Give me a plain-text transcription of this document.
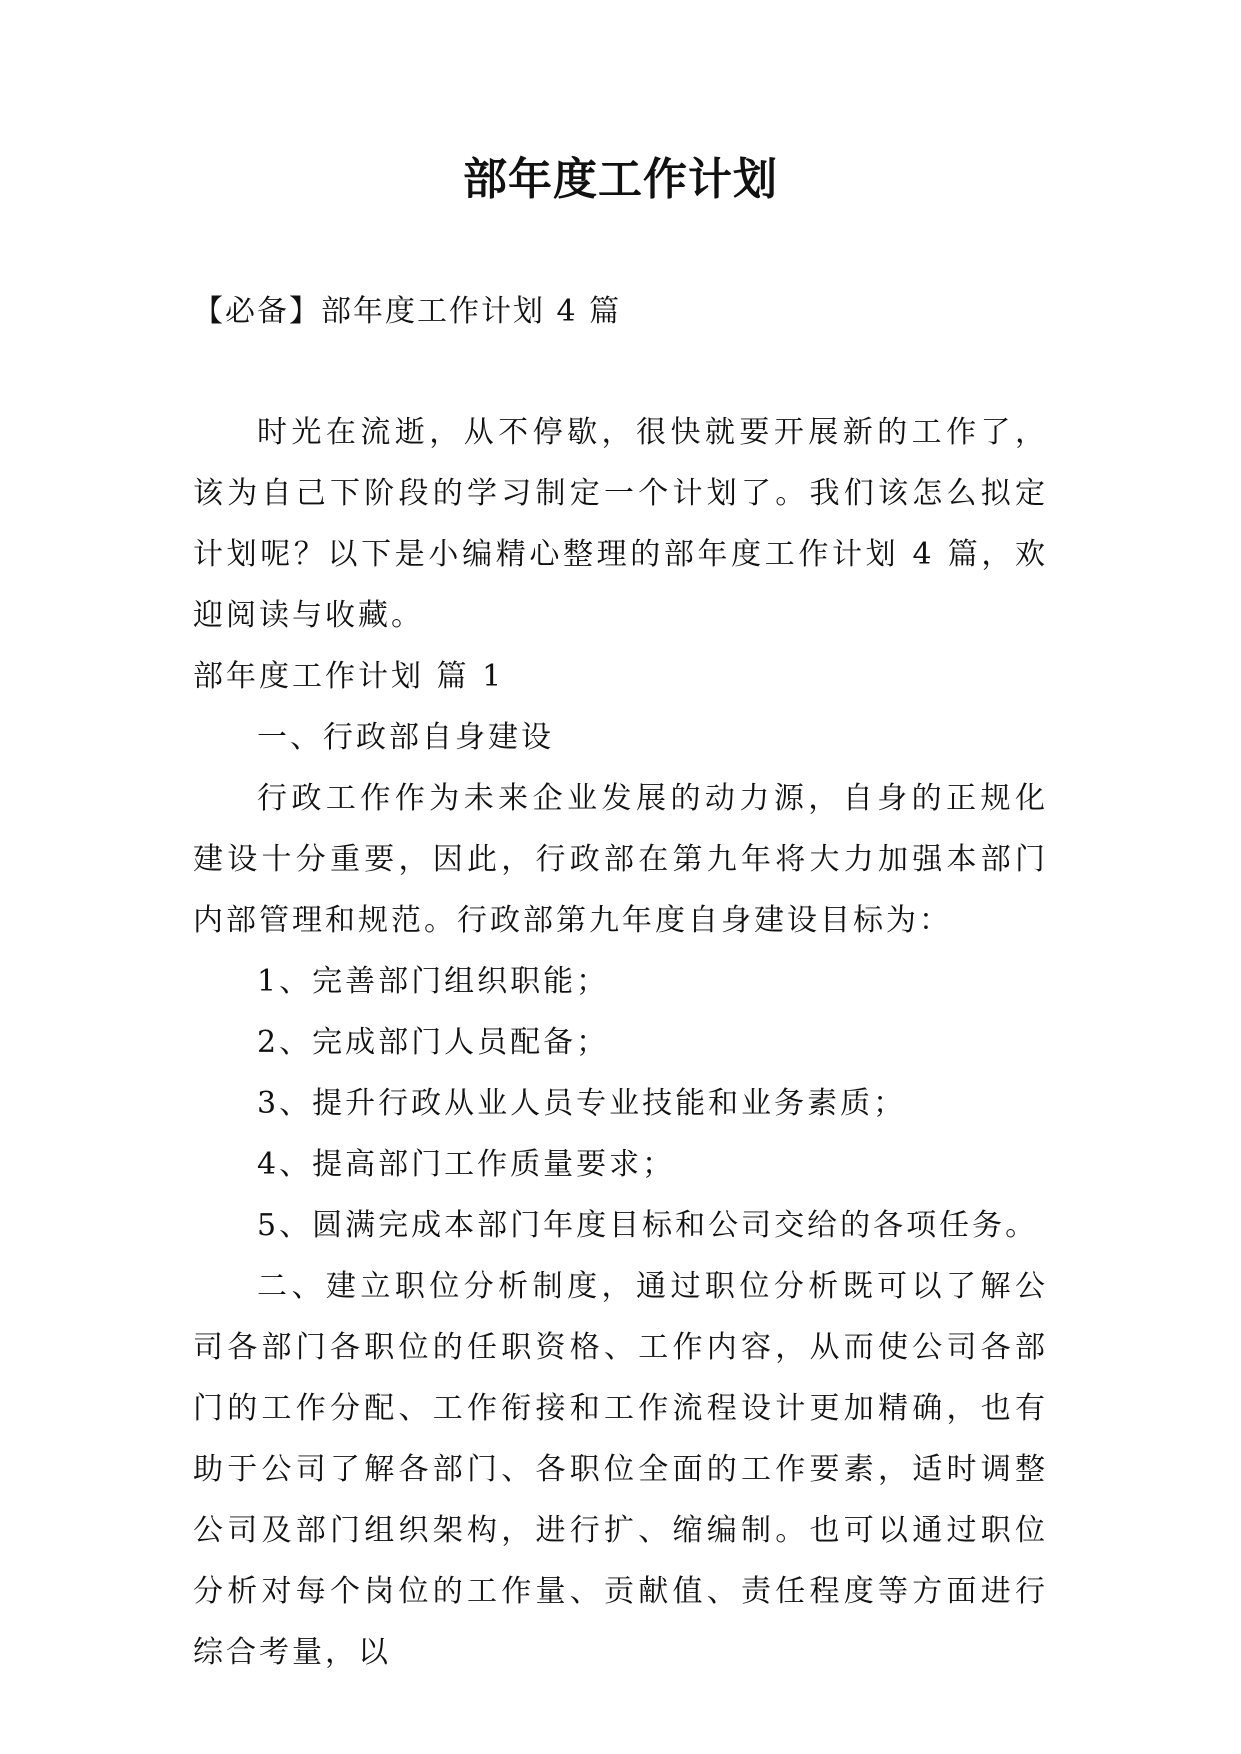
部年度工作计划

【必备】部年度工作计划 4 篇

时光在流逝，从不停歇，很快就要开展新的工作了，该为自己下阶段的学习制定一个计划了。我们该怎么拟定计划呢？以下是小编精心整理的部年度工作计划 4 篇，欢迎阅读与收藏。

部年度工作计划 篇 1

一、行政部自身建设

行政工作作为未来企业发展的动力源，自身的正规化建设十分重要，因此，行政部在第九年将大力加强本部门内部管理和规范。行政部第九年度自身建设目标为：

1、完善部门组织职能；

2、完成部门人员配备；

3、提升行政从业人员专业技能和业务素质；

4、提高部门工作质量要求；

5、圆满完成本部门年度目标和公司交给的各项任务。

二、建立职位分析制度，通过职位分析既可以了解公司各部门各职位的任职资格、工作内容，从而使公司各部门的工作分配、工作衔接和工作流程设计更加精确，也有助于公司了解各部门、各职位全面的工作要素，适时调整公司及部门组织架构，进行扩、缩编制。也可以通过职位分析对每个岗位的工作量、贡献值、责任程度等方面进行综合考量，以
